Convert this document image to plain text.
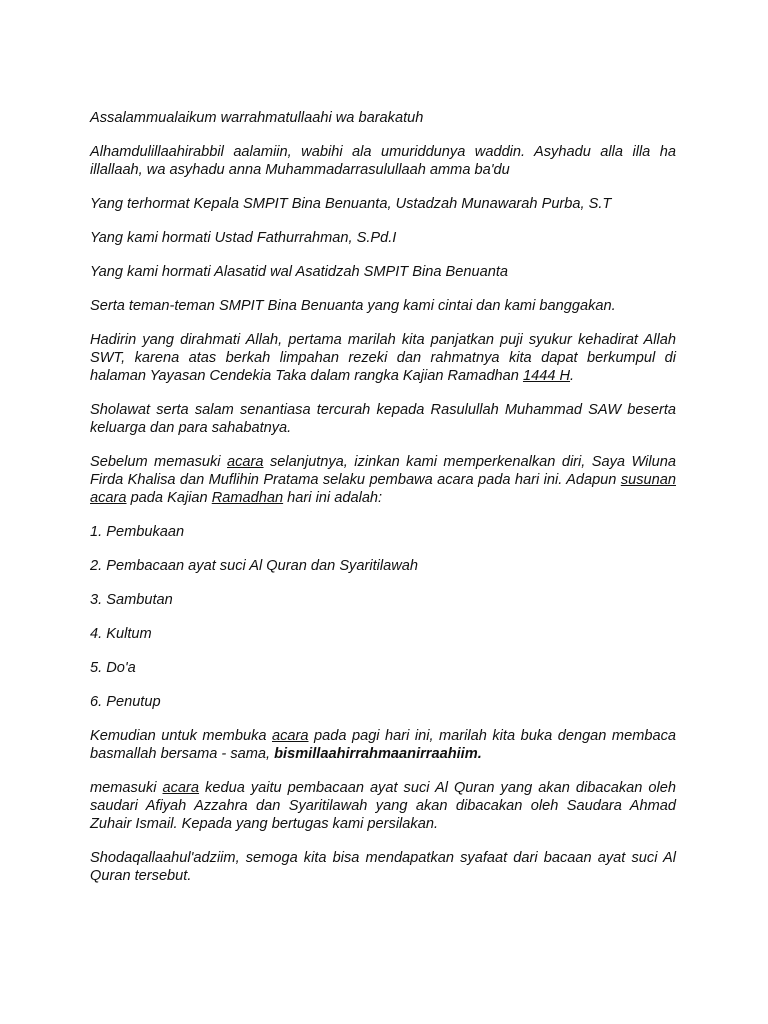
Assalammualaikum warrahmatullaahi wa barakatuh

Alhamdulillaahirabbil aalamiin, wabihi ala umuriddunya waddin. Asyhadu alla illa ha illallaah, wa asyhadu anna Muhammadarrasulullaah amma ba'du

Yang terhormat Kepala SMPIT Bina Benuanta, Ustadzah Munawarah Purba, S.T

Yang kami hormati Ustad Fathurrahman, S.Pd.I

Yang kami hormati Alasatid wal Asatidzah SMPIT Bina Benuanta

Serta teman-teman SMPIT Bina Benuanta yang kami cintai dan kami banggakan.

Hadirin yang dirahmati Allah, pertama marilah kita panjatkan puji syukur kehadirat Allah SWT, karena atas berkah limpahan rezeki dan rahmatnya kita dapat berkumpul di halaman Yayasan Cendekia Taka dalam rangka Kajian Ramadhan 1444 H.

Sholawat serta salam senantiasa tercurah kepada Rasulullah Muhammad SAW beserta keluarga dan para sahabatnya.

Sebelum memasuki acara selanjutnya, izinkan kami memperkenalkan diri, Saya Wiluna Firda Khalisa dan Muflihin Pratama selaku pembawa acara pada hari ini. Adapun susunan acara pada Kajian Ramadhan hari ini adalah:

1. Pembukaan

2. Pembacaan ayat suci Al Quran dan Syaritilawah

3. Sambutan

4. Kultum

5. Do'a

6. Penutup

Kemudian untuk membuka acara pada pagi hari ini, marilah kita buka dengan membaca basmallah bersama - sama, bismillaahirrahmaanirraahiim.

memasuki acara kedua yaitu pembacaan ayat suci Al Quran yang akan dibacakan oleh saudari Afiyah Azzahra dan Syaritilawah yang akan dibacakan oleh Saudara Ahmad Zuhair Ismail. Kepada yang bertugas kami persilakan.

Shodaqallaahul'adziim, semoga kita bisa mendapatkan syafaat dari bacaan ayat suci Al Quran tersebut.
